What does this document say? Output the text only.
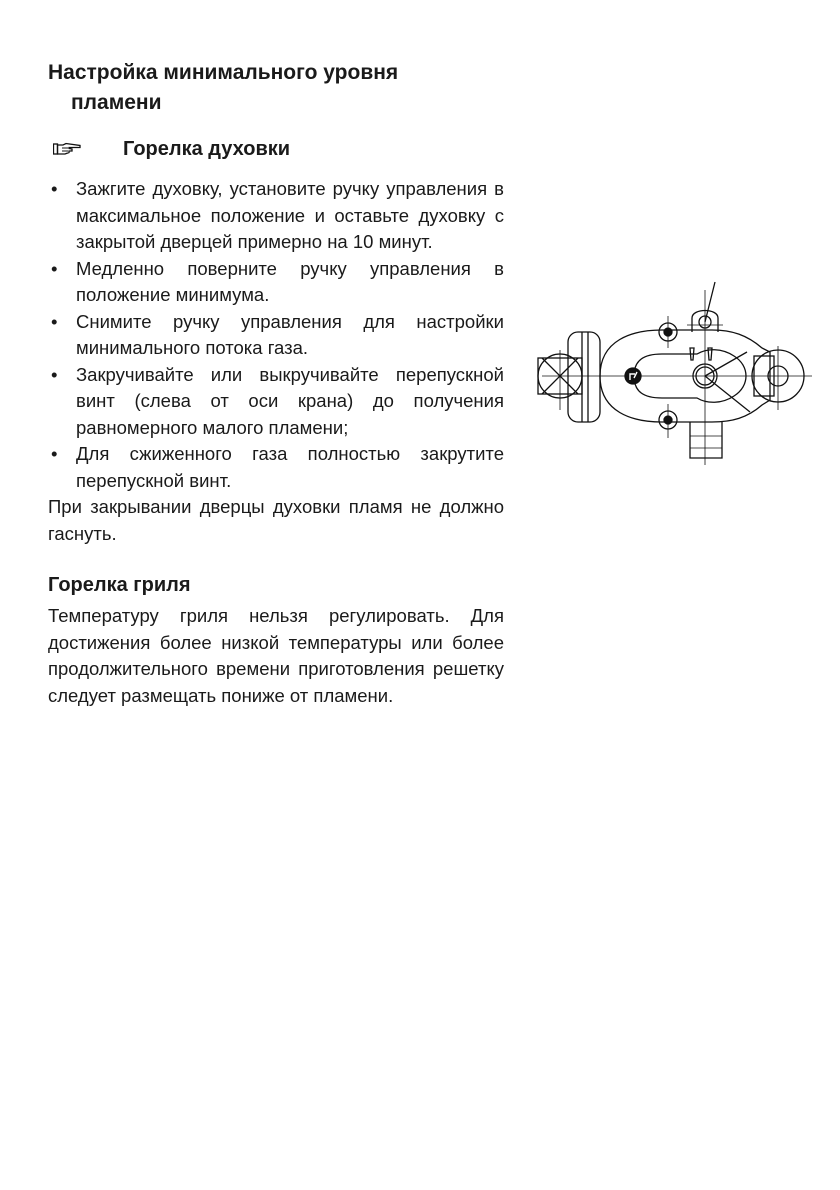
Настройка минимального уровня
пламени
Горелка духовки
• Зажгите духовку, установите ручку управления в максимальное положение и оставьте духовку с закрытой дверцей примерно на 10 минут.
• Медленно поверните ручку управления в положение минимума.
• Снимите ручку управления для настройки минимального потока газа.
• Закручивайте или выкручивайте перепускной винт (слева от оси крана) до получения равномерного малого пламени;
• Для сжиженного газа полностью закрутите перепускной винт.

При закрывании дверцы духовки пламя не должно гаснуть.

Горелка гриля

Температуру гриля нельзя регулировать. Для достижения более низкой температуры или более продолжительного времени приготовления решетку следует размещать пониже от пламени.
